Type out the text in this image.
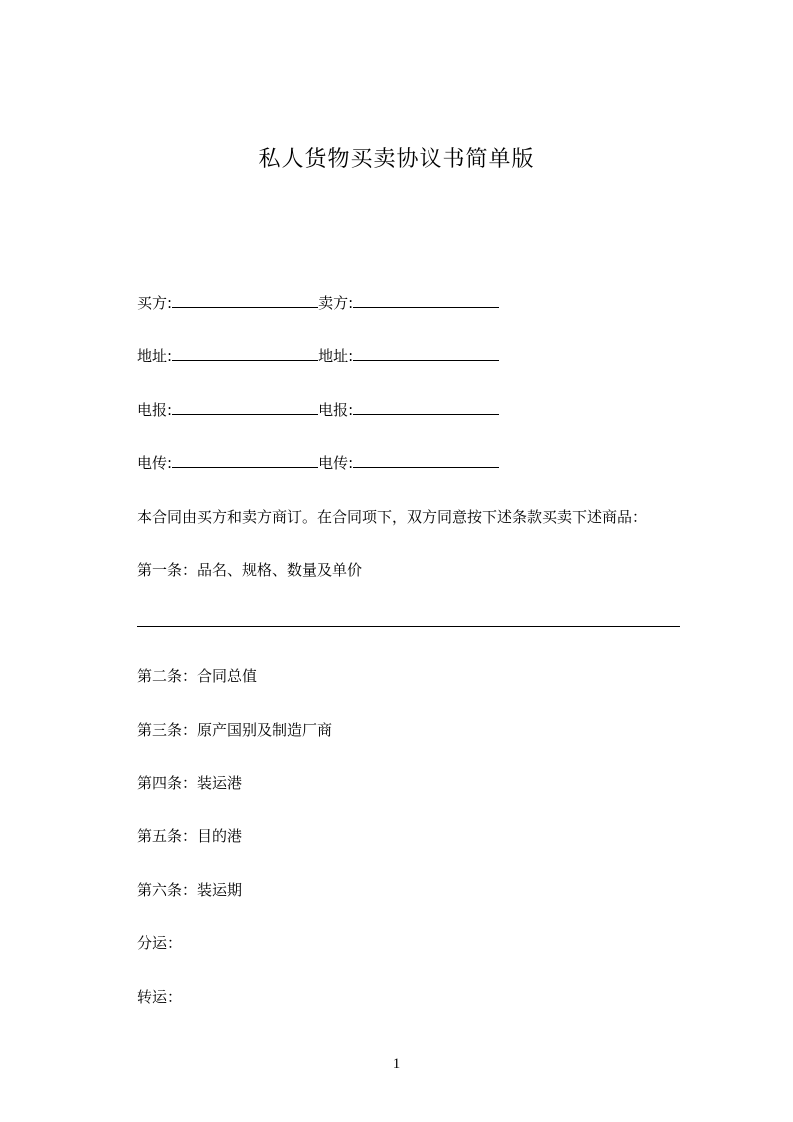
私人货物买卖协议书简单版
买方:	卖方:
地址:	地址:
电报:	电报:
电传:	电传:
本合同由买方和卖方商订。在合同项下，双方同意按下述条款买卖下述商品：
第一条：品名、规格、数量及单价
第二条：合同总值
第三条：原产国别及制造厂商
第四条：装运港
第五条：目的港
第六条：装运期
分运：
转运：
1
